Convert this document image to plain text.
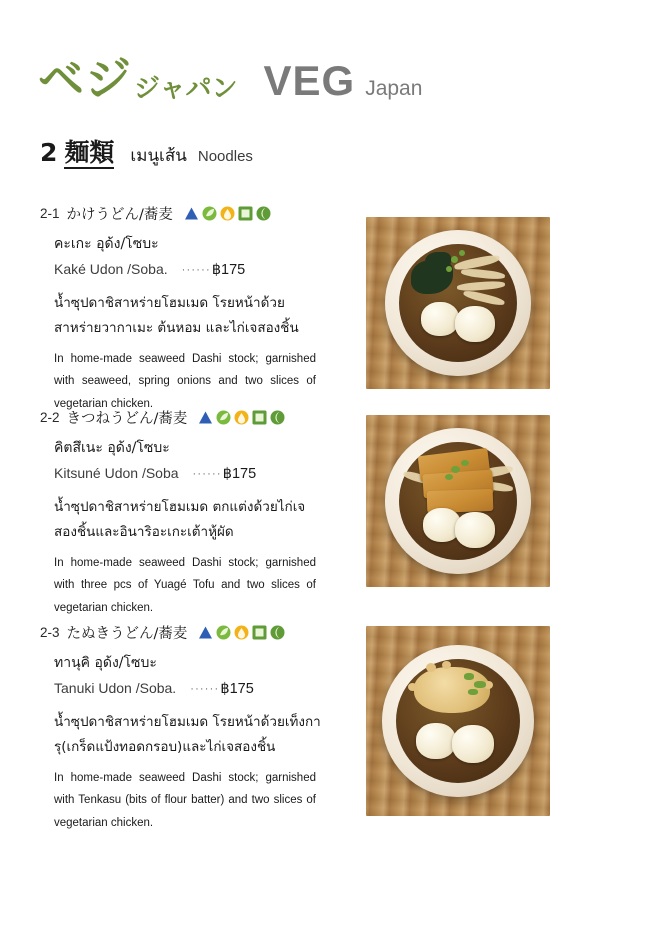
ベジ ジャパン VEG Japan
2 麺類 เมนูเส้น Noodles
2-1 かけうどん/蕎麦
คะเกะ อุด้ง/โซบะ
Kaké Udon /Soba. ······ ฿175
น้ำซุปดาชิสาหร่ายโฮมเมด โรยหน้าด้วยสาหร่ายวากาเมะ ต้นหอม และไก่เจสองชิ้น
In home-made seaweed Dashi stock; garnished with seaweed, spring onions and two slices of vegetarian chicken.
2-2 きつねうどん/蕎麦
คิตสึเนะ อุด้ง/โซบะ
Kitsuné Udon /Soba ······ ฿175
น้ำซุปดาชิสาหร่ายโฮมเมด ตกแต่งด้วยไก่เจสองชิ้นและอินาริอะเกะเต้าหู้ผัด
In home-made seaweed Dashi stock; garnished with three pcs of Yuagé Tofu and two slices of vegetarian chicken.
2-3 たぬきうどん/蕎麦
ทานุคิ อุด้ง/โซบะ
Tanuki Udon /Soba. ······ ฿175
น้ำซุปดาชิสาหร่ายโฮมเมด โรยหน้าด้วยเท็งการุ(เกร็ดแป้งทอดกรอบ)และไก่เจสองชิ้น
In home-made seaweed Dashi stock; garnished with Tenkasu (bits of flour batter) and two slices of vegetarian chicken.
